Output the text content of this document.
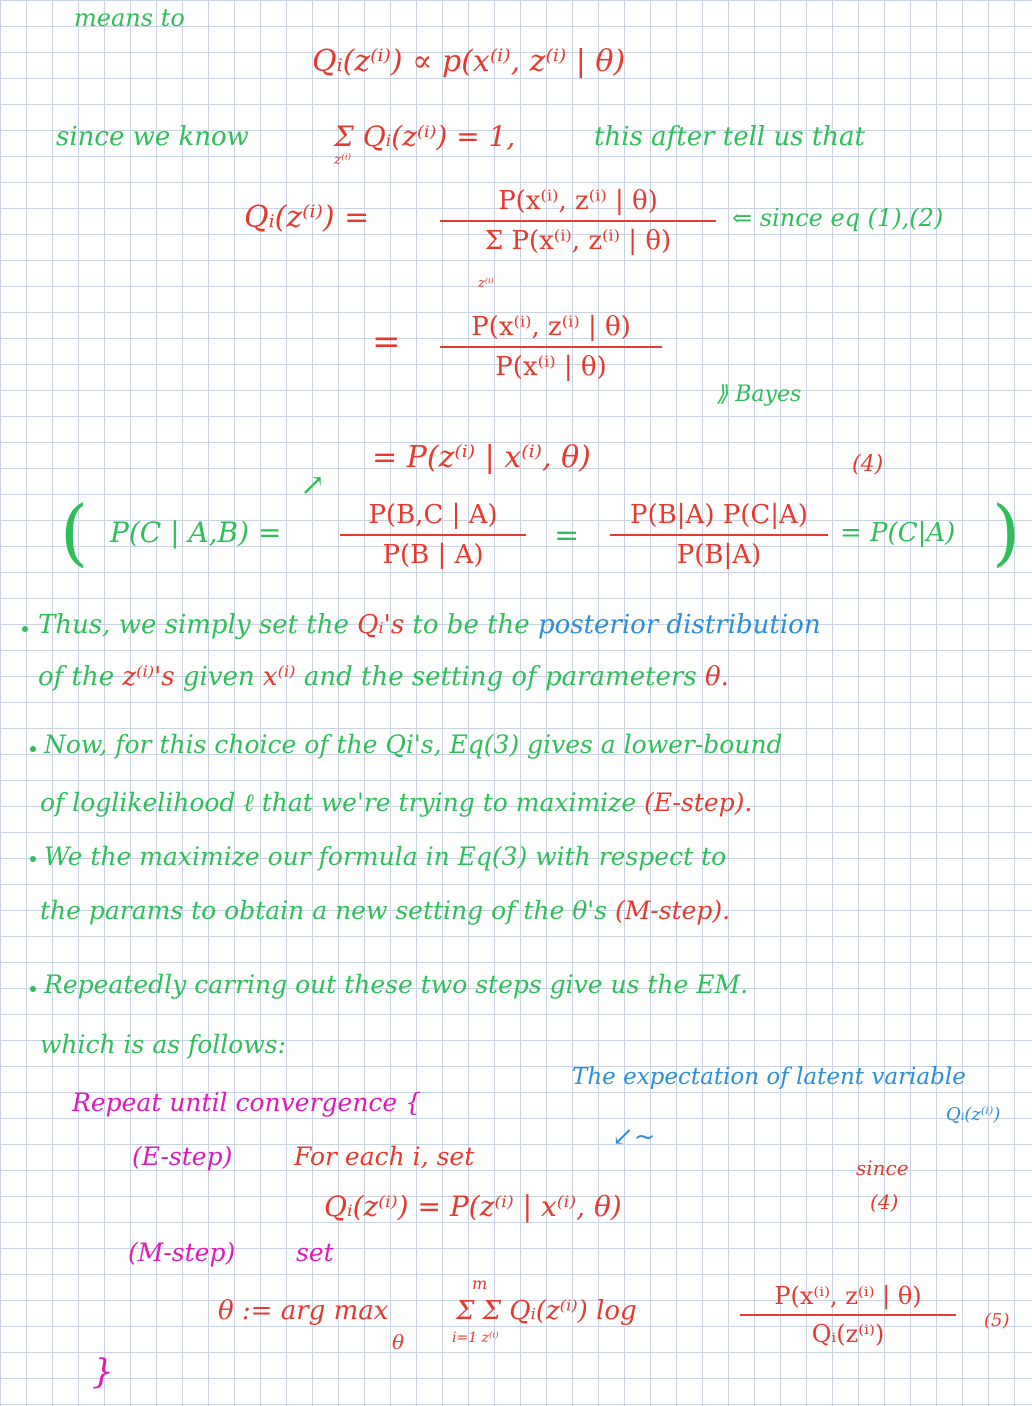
means to
Qᵢ(z⁽ⁱ⁾) ∝ p(x⁽ⁱ⁾, z⁽ⁱ⁾ | θ)
since we know	Σ Qᵢ(z⁽ⁱ⁾) = 1,
z⁽ⁱ⁾
this after tell us that
Qᵢ(z⁽ⁱ⁾) =	P(x⁽ⁱ⁾, z⁽ⁱ⁾ | θ)
Σ P(x⁽ⁱ⁾, z⁽ⁱ⁾ | θ)
z⁽ⁱ⁾
⇐ since eq (1),(2)
=	P(x⁽ⁱ⁾, z⁽ⁱ⁾ | θ)
P(x⁽ⁱ⁾ | θ)
⟫ Bayes
= P(z⁽ⁱ⁾ | x⁽ⁱ⁾, θ)	(4)
↗
( P(C | A,B) =
P(B,C | A)
P(B | A)
=
P(B|A) P(C|A)
P(B|A)
= P(C|A) )
Thus, we simply set the Qᵢ's to be the posterior distribution
of the z⁽ⁱ⁾'s given x⁽ⁱ⁾ and the setting of parameters θ.
Now, for this choice of the Qi's, Eq(3) gives a lower-bound
of loglikelihood ℓ that we're trying to maximize (E-step).
We the maximize our formula in Eq(3) with respect to
the params to obtain a new setting of the θ's (M-step).
Repeatedly carring out these two steps give us the EM.
which is as follows:
Repeat until convergence {
The expectation of latent variable
Qᵢ(z⁽ⁱ⁾)
↙~
(E-step) For each i, set
Qᵢ(z⁽ⁱ⁾) = P(z⁽ⁱ⁾ | x⁽ⁱ⁾, θ)
since
(4)
(M-step) set
θ := arg max
θ
m
Σ Σ Qᵢ(z⁽ⁱ⁾) log
i=1 z⁽ⁱ⁾
P(x⁽ⁱ⁾, z⁽ⁱ⁾ | θ)
Qᵢ(z⁽ⁱ⁾)	(5)
}
